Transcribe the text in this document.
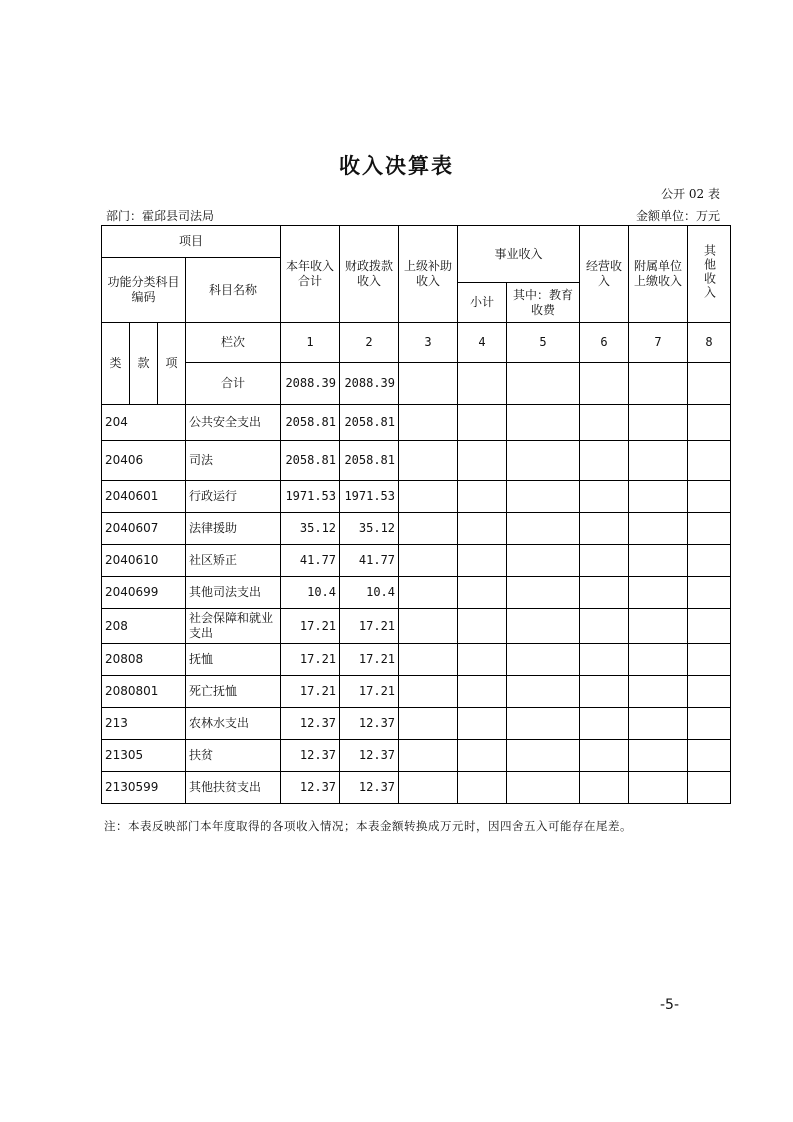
收入决算表
公开 02 表
部门：霍邱县司法局	金额单位：万元
项目				本年收入合计	财政拨款收入	上级补助收入	事业收入		经营收入	附属单位上缴收入	其他收入
功能分类科目编码			科目名称								
							小计	其中：教育收费			
类	款	项	栏次	1	2	3	4	5	6	7	8
			合计	2088.39	2088.39						
204			公共安全支出	2058.81	2058.81						
20406			司法	2058.81	2058.81						
2040601			行政运行	1971.53	1971.53						
2040607			法律援助	35.12	35.12						
2040610			社区矫正	41.77	41.77						
2040699			其他司法支出	10.4	10.4						
208			社会保障和就业支出	17.21	17.21						
20808			抚恤	17.21	17.21						
2080801			死亡抚恤	17.21	17.21						
213			农林水支出	12.37	12.37						
21305			扶贫	12.37	12.37						
2130599			其他扶贫支出	12.37	12.37						
注：本表反映部门本年度取得的各项收入情况；本表金额转换成万元时，因四舍五入可能存在尾差。
-5-
